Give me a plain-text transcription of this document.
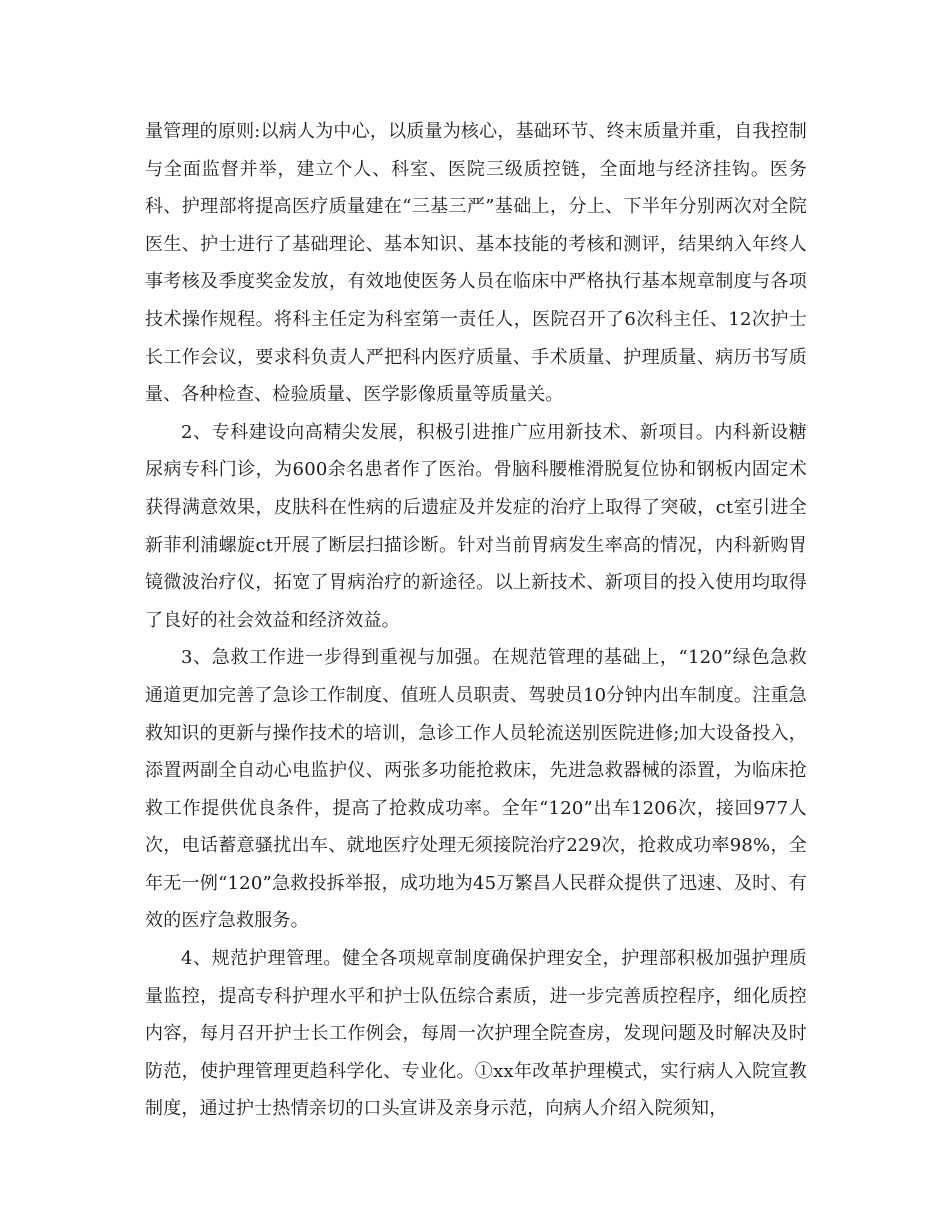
量管理的原则:以病人为中心，以质量为核心，基础环节、终末质量并重，自我控制与全面监督并举，建立个人、科室、医院三级质控链，全面地与经济挂钩。医务科、护理部将提高医疗质量建在“三基三严”基础上，分上、下半年分别两次对全院医生、护士进行了基础理论、基本知识、基本技能的考核和测评，结果纳入年终人事考核及季度奖金发放，有效地使医务人员在临床中严格执行基本规章制度与各项技术操作规程。将科主任定为科室第一责任人，医院召开了6次科主任、12次护士长工作会议，要求科负责人严把科内医疗质量、手术质量、护理质量、病历书写质量、各种检查、检验质量、医学影像质量等质量关。

2、专科建设向高精尖发展，积极引进推广应用新技术、新项目。内科新设糖尿病专科门诊，为600余名患者作了医治。骨脑科腰椎滑脱复位协和钢板内固定术获得满意效果，皮肤科在性病的后遗症及并发症的治疗上取得了突破，ct室引进全新菲利浦螺旋ct开展了断层扫描诊断。针对当前胃病发生率高的情况，内科新购胃镜微波治疗仪，拓宽了胃病治疗的新途径。以上新技术、新项目的投入使用均取得了良好的社会效益和经济效益。

3、急救工作进一步得到重视与加强。在规范管理的基础上，“120”绿色急救通道更加完善了急诊工作制度、值班人员职责、驾驶员10分钟内出车制度。注重急救知识的更新与操作技术的培训，急诊工作人员轮流送别医院进修;加大设备投入，添置两副全自动心电监护仪、两张多功能抢救床，先进急救器械的添置，为临床抢救工作提供优良条件，提高了抢救成功率。全年“120”出车1206次，接回977人次，电话蓄意骚扰出车、就地医疗处理无须接院治疗229次，抢救成功率98%，全年无一例“120”急救投拆举报，成功地为45万繁昌人民群众提供了迅速、及时、有效的医疗急救服务。

4、规范护理管理。健全各项规章制度确保护理安全，护理部积极加强护理质量监控，提高专科护理水平和护士队伍综合素质，进一步完善质控程序，细化质控内容，每月召开护士长工作例会，每周一次护理全院查房，发现问题及时解决及时防范，使护理管理更趋科学化、专业化。①xx年改革护理模式，实行病人入院宣教制度，通过护士热情亲切的口头宣讲及亲身示范，向病人介绍入院须知，
